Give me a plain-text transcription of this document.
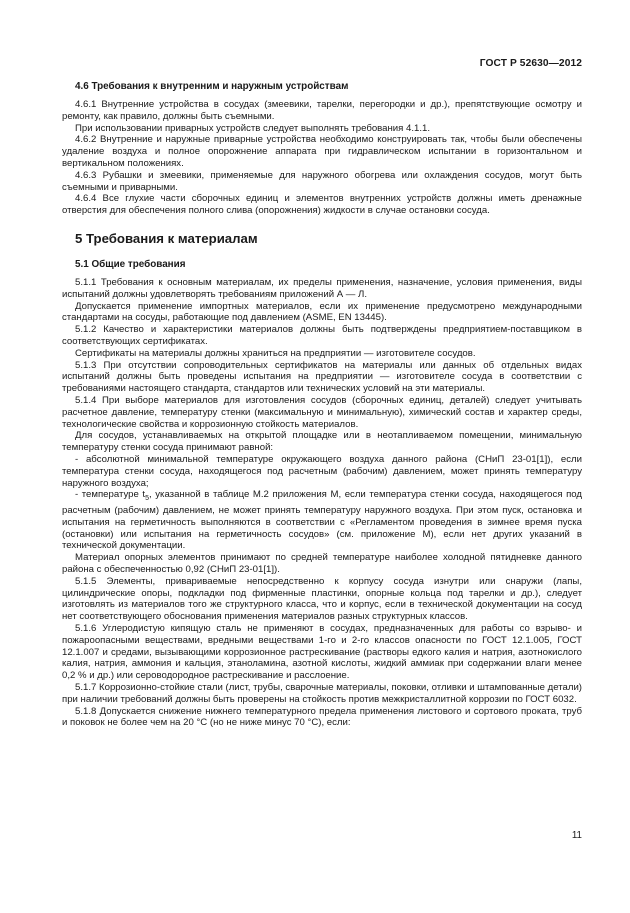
ГОСТ Р 52630—2012

4.6 Требования к внутренним и наружным устройствам

4.6.1 Внутренние устройства в сосудах (змеевики, тарелки, перегородки и др.), препятствующие осмотру и ремонту, как правило, должны быть съемными.

При использовании приварных устройств следует выполнять требования 4.1.1.

4.6.2 Внутренние и наружные приварные устройства необходимо конструировать так, чтобы были обеспечены удаление воздуха и полное опорожнение аппарата при гидравлическом испытании в горизонтальном и вертикальном положениях.

4.6.3 Рубашки и змеевики, применяемые для наружного обогрева или охлаждения сосудов, могут быть съемными и приварными.

4.6.4 Все глухие части сборочных единиц и элементов внутренних устройств должны иметь дренажные отверстия для обеспечения полного слива (опорожнения) жидкости в случае остановки сосуда.

5 Требования к материалам

5.1 Общие требования

5.1.1 Требования к основным материалам, их пределы применения, назначение, условия применения, виды испытаний должны удовлетворять требованиям приложений А — Л.

Допускается применение импортных материалов, если их применение предусмотрено международными стандартами на сосуды, работающие под давлением (ASME, EN 13445).

5.1.2 Качество и характеристики материалов должны быть подтверждены предприятием-поставщиком в соответствующих сертификатах.

Сертификаты на материалы должны храниться на предприятии — изготовителе сосудов.

5.1.3 При отсутствии сопроводительных сертификатов на материалы или данных об отдельных видах испытаний должны быть проведены испытания на предприятии — изготовителе сосуда в соответствии с требованиями настоящего стандарта, стандартов или технических условий на эти материалы.

5.1.4 При выборе материалов для изготовления сосудов (сборочных единиц, деталей) следует учитывать расчетное давление, температуру стенки (максимальную и минимальную), химический состав и характер среды, технологические свойства и коррозионную стойкость материалов.

Для сосудов, устанавливаемых на открытой площадке или в неотапливаемом помещении, минимальную температуру стенки сосуда принимают равной:

- абсолютной минимальной температуре окружающего воздуха данного района (СНиП 23-01[1]), если температура стенки сосуда, находящегося под расчетным (рабочим) давлением, может принять температуру наружного воздуха;

- температуре $t_5$, указанной в таблице М.2 приложения М, если температура стенки сосуда, находящегося под расчетным (рабочим) давлением, не может принять температуру наружного воздуха. При этом пуск, остановка и испытания на герметичность выполняются в соответствии с «Регламентом проведения в зимнее время пуска (остановки) или испытания на герметичность сосудов» (см. приложение М), если нет других указаний в технической документации.

Материал опорных элементов принимают по средней температуре наиболее холодной пятидневке данного района с обеспеченностью 0,92 (СНиП 23-01[1]).

5.1.5 Элементы, привариваемые непосредственно к корпусу сосуда изнутри или снаружи (лапы, цилиндрические опоры, подкладки под фирменные пластинки, опорные кольца под тарелки и др.), следует изготовлять из материалов того же структурного класса, что и корпус, если в технической документации на сосуд нет соответствующего обоснования применения материалов разных структурных классов.

5.1.6 Углеродистую кипящую сталь не применяют в сосудах, предназначенных для работы со взрыво- и пожароопасными веществами, вредными веществами 1-го и 2-го классов опасности по ГОСТ 12.1.005, ГОСТ 12.1.007 и средами, вызывающими коррозионное растрескивание (растворы едкого калия и натрия, азотнокислого калия, натрия, аммония и кальция, этаноламина, азотной кислоты, жидкий аммиак при содержании влаги менее 0,2 % и др.) или сероводородное растрескивание и расслоение.

5.1.7 Коррозионно-стойкие стали (лист, трубы, сварочные материалы, поковки, отливки и штампованные детали) при наличии требований должны быть проверены на стойкость против межкристаллитной коррозии по ГОСТ 6032.

5.1.8 Допускается снижение нижнего температурного предела применения листового и сортового проката, труб и поковок не более чем на 20 °С (но не ниже минус 70 °С), если:

11
